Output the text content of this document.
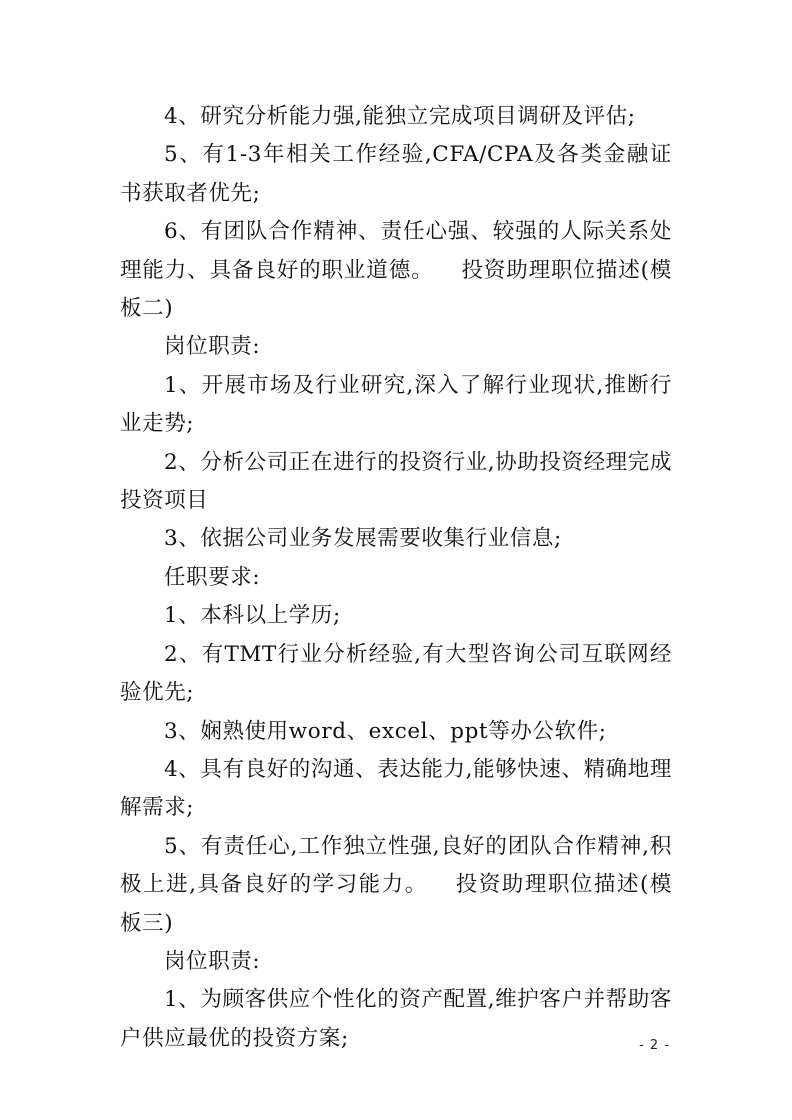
4、研究分析能力强,能独立完成项目调研及评估;

5、有1-3年相关工作经验,CFA/CPA及各类金融证书获取者优先;

6、有团队合作精神、责任心强、较强的人际关系处理能力、具备良好的职业道德。 投资助理职位描述(模板二)

岗位职责:

1、开展市场及行业研究,深入了解行业现状,推断行业走势;

2、分析公司正在进行的投资行业,协助投资经理完成投资项目

3、依据公司业务发展需要收集行业信息;

任职要求:

1、本科以上学历;

2、有TMT行业分析经验,有大型咨询公司互联网经验优先;

3、娴熟使用word、excel、ppt等办公软件;

4、具有良好的沟通、表达能力,能够快速、精确地理解需求;

5、有责任心,工作独立性强,良好的团队合作精神,积极上进,具备良好的学习能力。 投资助理职位描述(模板三)

岗位职责:

1、为顾客供应个性化的资产配置,维护客户并帮助客户供应最优的投资方案;	- 2 -
